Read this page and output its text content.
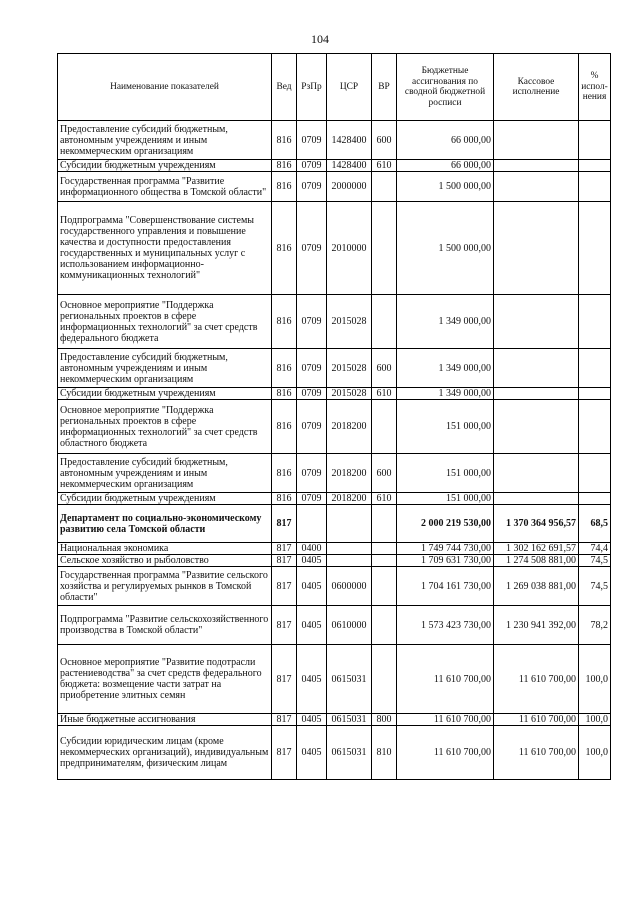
104
Наименование показателей	Вед	РзПр	ЦСР	ВР	Бюджетные ассигнования по сводной бюджетной росписи	Кассовое исполнение	% испол-нения
Предоставление субсидий бюджетным, автономным учреждениям и иным некоммерческим организациям	816	0709	1428400	600	66 000,00		
Субсидии бюджетным учреждениям	816	0709	1428400	610	66 000,00		
Государственная программа "Развитие информационного общества в Томской области"	816	0709	2000000		1 500 000,00		
Подпрограмма "Совершенствование системы государственного управления и повышение качества и доступности предоставления государственных и муниципальных услуг с использованием информационно-коммуникационных технологий"	816	0709	2010000		1 500 000,00		
Основное мероприятие "Поддержка региональных проектов в сфере информационных технологий" за счет средств федерального бюджета	816	0709	2015028		1 349 000,00		
Предоставление субсидий бюджетным, автономным учреждениям и иным некоммерческим организациям	816	0709	2015028	600	1 349 000,00		
Субсидии бюджетным учреждениям	816	0709	2015028	610	1 349 000,00		
Основное мероприятие "Поддержка региональных проектов в сфере информационных технологий" за счет средств областного бюджета	816	0709	2018200		151 000,00		
Предоставление субсидий бюджетным, автономным учреждениям и иным некоммерческим организациям	816	0709	2018200	600	151 000,00		
Субсидии бюджетным учреждениям	816	0709	2018200	610	151 000,00		
Департамент по социально-экономическому развитию села Томской области	817				2 000 219 530,00	1 370 364 956,57	68,5
Национальная экономика	817	0400			1 749 744 730,00	1 302 162 691,57	74,4
Сельское хозяйство и рыболовство	817	0405			1 709 631 730,00	1 274 508 881,00	74,5
Государственная программа "Развитие сельского хозяйства и регулируемых рынков в Томской области"	817	0405	0600000		1 704 161 730,00	1 269 038 881,00	74,5
Подпрограмма "Развитие сельскохозяйственного производства в Томской области"	817	0405	0610000		1 573 423 730,00	1 230 941 392,00	78,2
Основное мероприятие "Развитие подотрасли растениеводства" за счет средств федерального бюджета: возмещение части затрат на приобретение элитных семян	817	0405	0615031		11 610 700,00	11 610 700,00	100,0
Иные бюджетные ассигнования	817	0405	0615031	800	11 610 700,00	11 610 700,00	100,0
Субсидии юридическим лицам (кроме некоммерческих организаций), индивидуальным предпринимателям, физическим лицам	817	0405	0615031	810	11 610 700,00	11 610 700,00	100,0
